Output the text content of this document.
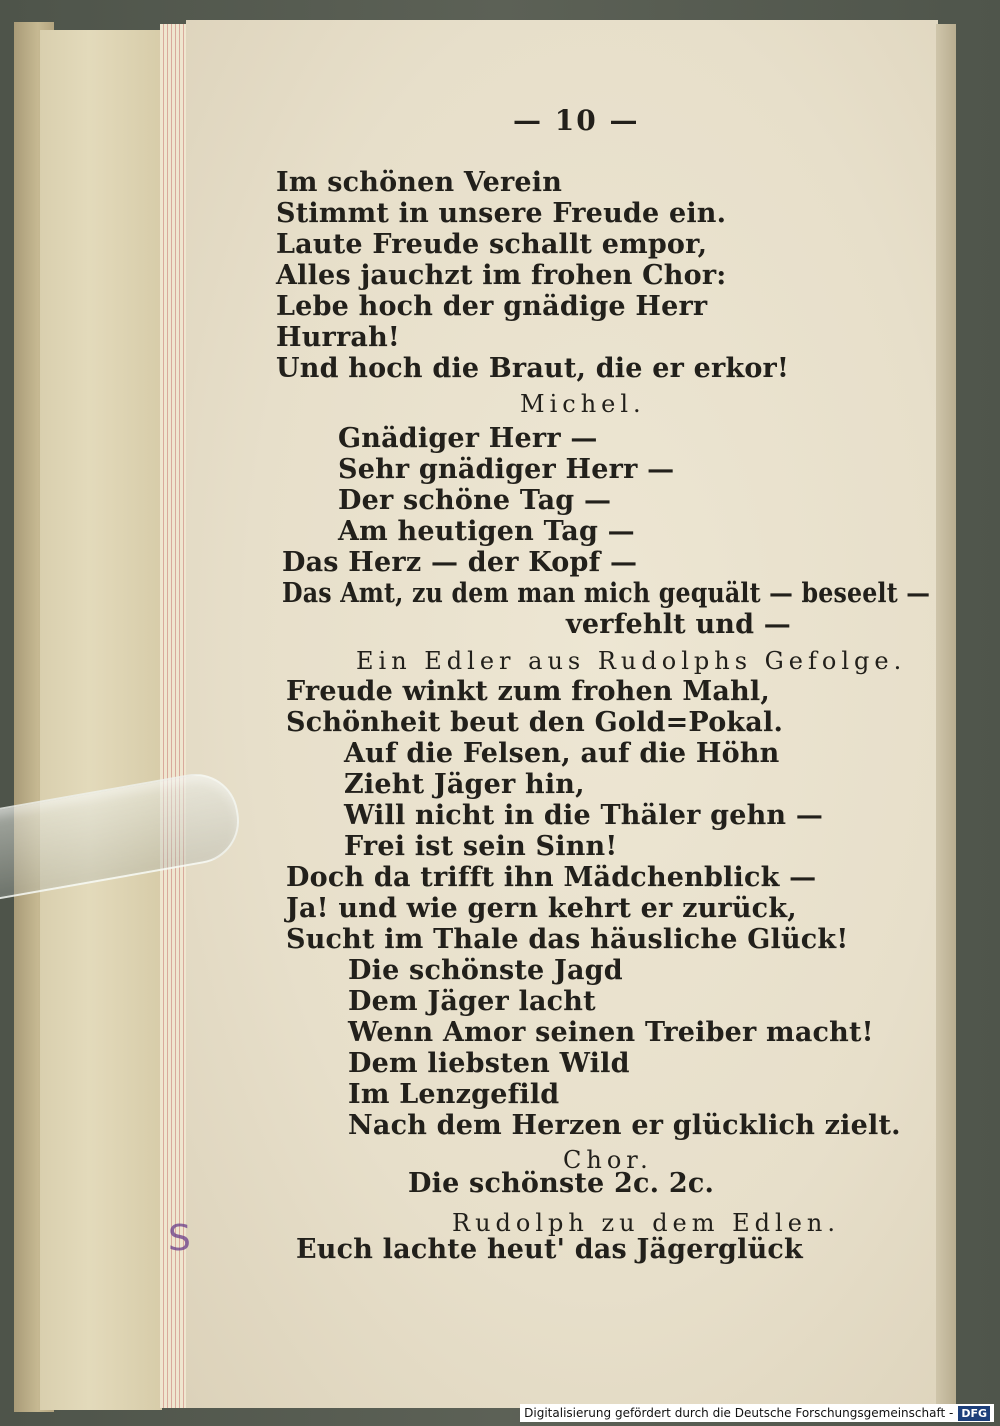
S
— 10 —
Im schönen Verein
Stimmt in unsere Freude ein.
Laute Freude schallt empor,
Alles jauchzt im frohen Chor:
Lebe hoch der gnädige Herr
Hurrah!
Und hoch die Braut, die er erkor!
Michel.
Gnädiger Herr —
Sehr gnädiger Herr —
Der schöne Tag —
Am heutigen Tag —
Das Herz — der Kopf —
Das Amt, zu dem man mich gequält — beseelt —
verfehlt und —
Ein Edler aus Rudolphs Gefolge.
Freude winkt zum frohen Mahl,
Schönheit beut den Gold=Pokal.
Auf die Felsen, auf die Höhn
Zieht Jäger hin,
Will nicht in die Thäler gehn —
Frei ist sein Sinn!
Doch da trifft ihn Mädchenblick —
Ja! und wie gern kehrt er zurück,
Sucht im Thale das häusliche Glück!
Die schönste Jagd
Dem Jäger lacht
Wenn Amor seinen Treiber macht!
Dem liebsten Wild
Im Lenzgefild
Nach dem Herzen er glücklich zielt.
Chor.
Die schönste 2c. 2c.
Rudolph zu dem Edlen.
Euch lachte heut' das Jägerglück
Digitalisierung gefördert durch die Deutsche Forschungsgemeinschaft - DFG
